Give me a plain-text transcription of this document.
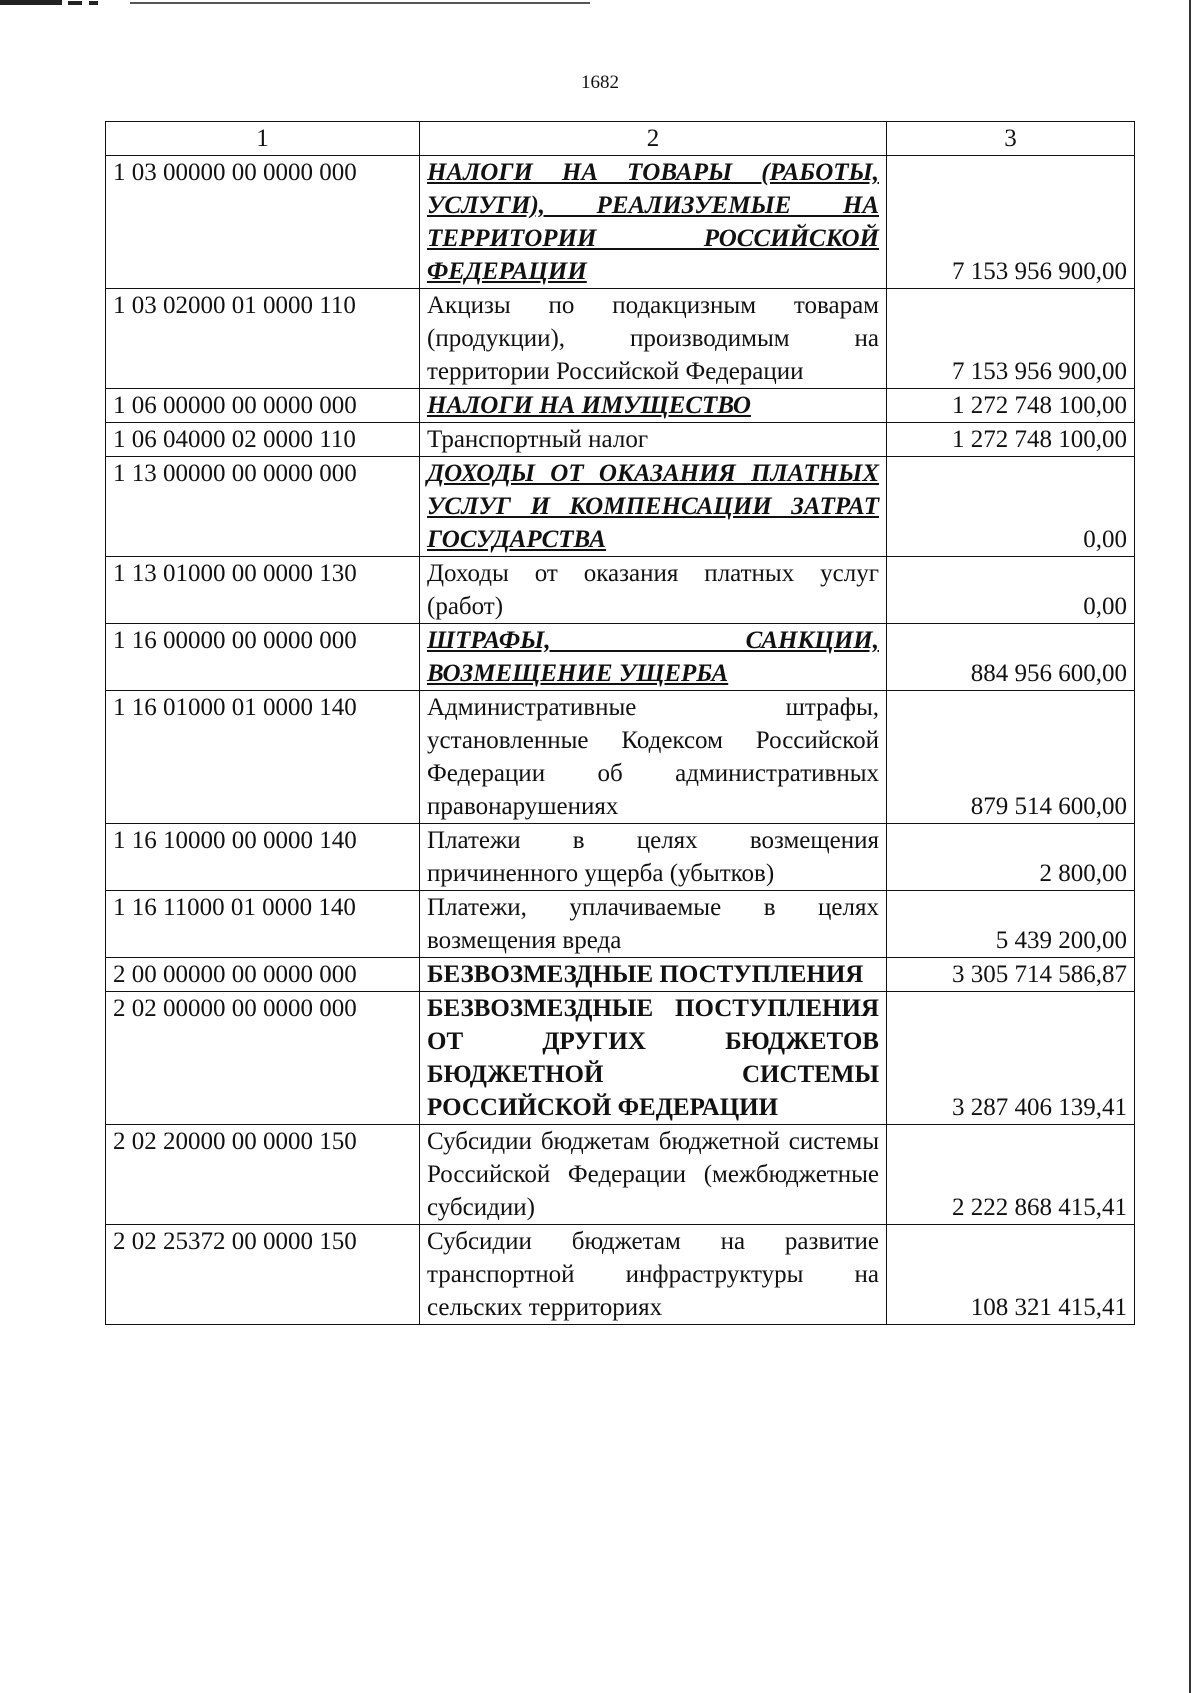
1682
1	2	3
1 03 00000 00 0000 000	НАЛОГИ НА ТОВАРЫ (РАБОТЫ, УСЛУГИ), РЕАЛИЗУЕМЫЕ НА ТЕРРИТОРИИ РОССИЙСКОЙ ФЕДЕРАЦИИ	7 153 956 900,00
1 03 02000 01 0000 110	Акцизы по подакцизным товарам (продукции), производимым на территории Российской Федерации	7 153 956 900,00
1 06 00000 00 0000 000	НАЛОГИ НА ИМУЩЕСТВО	1 272 748 100,00
1 06 04000 02 0000 110	Транспортный налог	1 272 748 100,00
1 13 00000 00 0000 000	ДОХОДЫ ОТ ОКАЗАНИЯ ПЛАТНЫХ УСЛУГ И КОМПЕНСАЦИИ ЗАТРАТ ГОСУДАРСТВА	0,00
1 13 01000 00 0000 130	Доходы от оказания платных услуг (работ)	0,00
1 16 00000 00 0000 000	ШТРАФЫ, САНКЦИИ, ВОЗМЕЩЕНИЕ УЩЕРБА	884 956 600,00
1 16 01000 01 0000 140	Административные штрафы, установленные Кодексом Российской Федерации об административных правонарушениях	879 514 600,00
1 16 10000 00 0000 140	Платежи в целях возмещения причиненного ущерба (убытков)	2 800,00
1 16 11000 01 0000 140	Платежи, уплачиваемые в целях возмещения вреда	5 439 200,00
2 00 00000 00 0000 000	БЕЗВОЗМЕЗДНЫЕ ПОСТУПЛЕНИЯ	3 305 714 586,87
2 02 00000 00 0000 000	БЕЗВОЗМЕЗДНЫЕ ПОСТУПЛЕНИЯ ОТ ДРУГИХ БЮДЖЕТОВ БЮДЖЕТНОЙ СИСТЕМЫ РОССИЙСКОЙ ФЕДЕРАЦИИ	3 287 406 139,41
2 02 20000 00 0000 150	Субсидии бюджетам бюджетной системы Российской Федерации (межбюджетные субсидии)	2 222 868 415,41
2 02 25372 00 0000 150	Субсидии бюджетам на развитие транспортной инфраструктуры на сельских территориях	108 321 415,41
